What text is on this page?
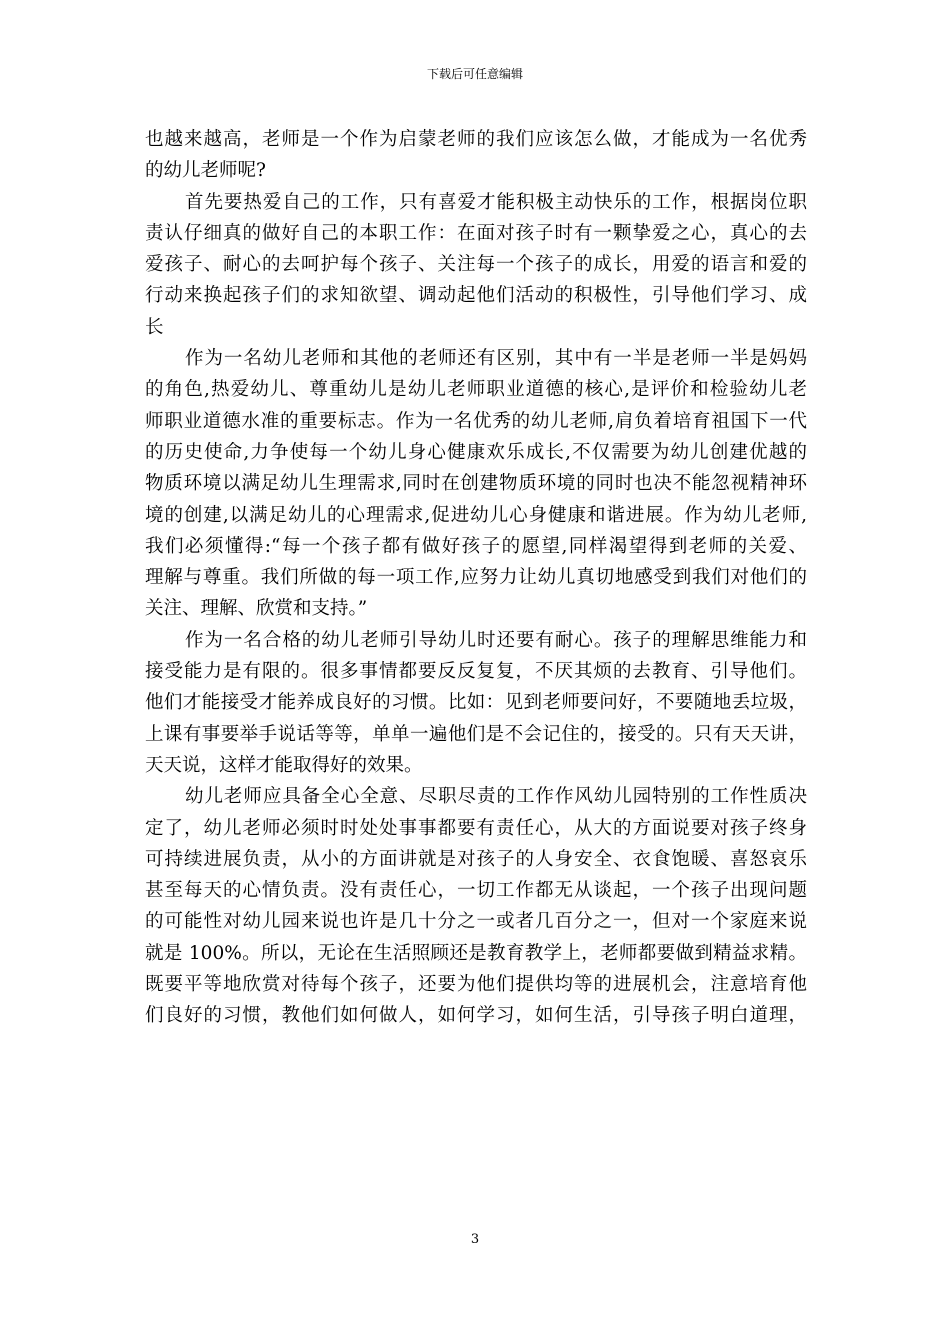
下载后可任意编辑
也越来越高，老师是一个作为启蒙老师的我们应该怎么做，才能成为一名优秀
的幼儿老师呢?
首先要热爱自己的工作，只有喜爱才能积极主动快乐的工作，根据岗位职
责认仔细真的做好自己的本职工作：在面对孩子时有一颗挚爱之心，真心的去
爱孩子、耐心的去呵护每个孩子、关注每一个孩子的成长，用爱的语言和爱的
行动来换起孩子们的求知欲望、调动起他们活动的积极性，引导他们学习、成
长
作为一名幼儿老师和其他的老师还有区别，其中有一半是老师一半是妈妈
的角色,热爱幼儿、尊重幼儿是幼儿老师职业道德的核心,是评价和检验幼儿老
师职业道德水准的重要标志。作为一名优秀的幼儿老师,肩负着培育祖国下一代
的历史使命,力争使每一个幼儿身心健康欢乐成长,不仅需要为幼儿创建优越的
物质环境以满足幼儿生理需求,同时在创建物质环境的同时也决不能忽视精神环
境的创建,以满足幼儿的心理需求,促进幼儿心身健康和谐进展。作为幼儿老师,
我们必须懂得:“每一个孩子都有做好孩子的愿望,同样渴望得到老师的关爱、
理解与尊重。我们所做的每一项工作,应努力让幼儿真切地感受到我们对他们的
关注、理解、欣赏和支持。”
作为一名合格的幼儿老师引导幼儿时还要有耐心。孩子的理解思维能力和
接受能力是有限的。很多事情都要反反复复，不厌其烦的去教育、引导他们。
他们才能接受才能养成良好的习惯。比如：见到老师要问好，不要随地丢垃圾，
上课有事要举手说话等等，单单一遍他们是不会记住的，接受的。只有天天讲，
天天说，这样才能取得好的效果。
幼儿老师应具备全心全意、尽职尽责的工作作风幼儿园特别的工作性质决
定了，幼儿老师必须时时处处事事都要有责任心，从大的方面说要对孩子终身
可持续进展负责，从小的方面讲就是对孩子的人身安全、衣食饱暖、喜怒哀乐
甚至每天的心情负责。没有责任心，一切工作都无从谈起，一个孩子出现问题
的可能性对幼儿园来说也许是几十分之一或者几百分之一，但对一个家庭来说
就是 100%。所以，无论在生活照顾还是教育教学上，老师都要做到精益求精。
既要平等地欣赏对待每个孩子，还要为他们提供均等的进展机会，注意培育他
们良好的习惯，教他们如何做人，如何学习，如何生活，引导孩子明白道理，
3
